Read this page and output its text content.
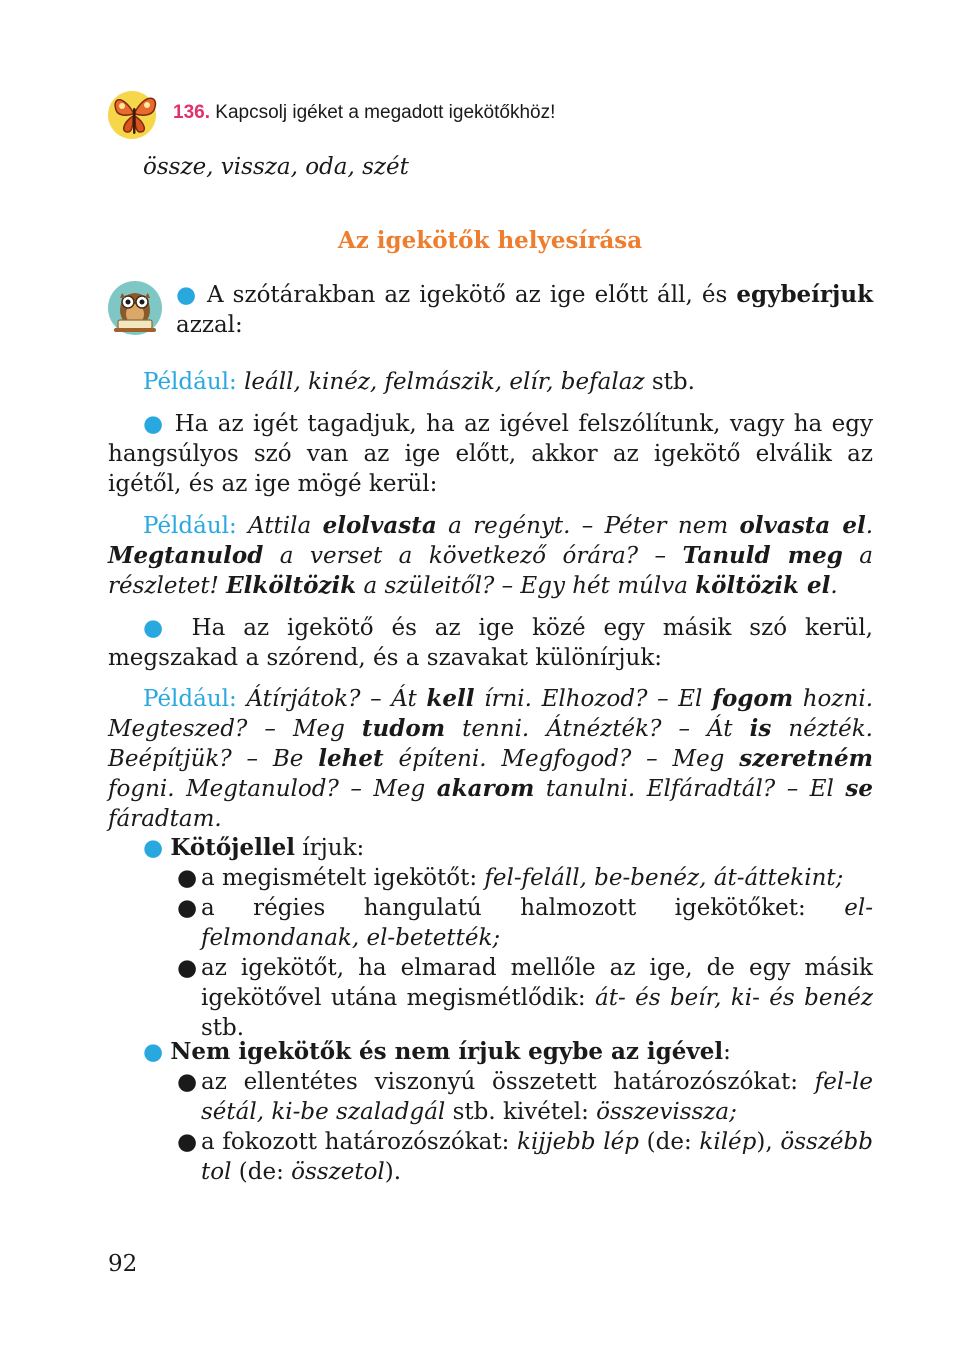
136. Kapcsolj igéket a megadott igekötőkhöz!
össze, vissza, oda, szét
Az igekötők helyesírása
● A szótárakban az igekötő az ige előtt áll, és egybeírjuk azzal:
Például: leáll, kinéz, felmászik, elír, befalaz stb.
● Ha az igét tagadjuk, ha az igével felszólítunk, vagy ha egy hangsúlyos szó van az ige előtt, akkor az igekötő elválik az igétől, és az ige mögé kerül:
Például: Attila elolvasta a regényt. – Péter nem olvasta el. Megtanulod a verset a következő órára? – Tanuld meg a részletet! Elköltözik a szüleitől? – Egy hét múlva költözik el.
● Ha az igekötő és az ige közé egy másik szó kerül, megszakad a szórend, és a szavakat különírjuk:
Például: Átírjátok? – Át kell írni. Elhozod? – El fogom hozni. Megteszed? – Meg tudom tenni. Átnézték? – Át is nézték. Beépítjük? – Be lehet építeni. Megfogod? – Meg szeretném fogni. Megtanulod? – Meg akarom tanulni. Elfáradtál? – El se fáradtam.
● Kötőjellel írjuk:
● a megismételt igekötőt: fel-feláll, be-benéz, át-áttekint;
● a régies hangulatú halmozott igekötőket: el-felmondanak, el-betették;
● az igekötőt, ha elmarad mellőle az ige, de egy másik igekötővel utána megismétlődik: át- és beír, ki- és benéz stb.
● Nem igekötők és nem írjuk egybe az igével:
● az ellentétes viszonyú összetett határozószókat: fel-le sétál, ki-be szaladgál stb. kivétel: összevissza;
● a fokozott határozószókat: kijjebb lép (de: kilép), összébb tol (de: összetol).
92
